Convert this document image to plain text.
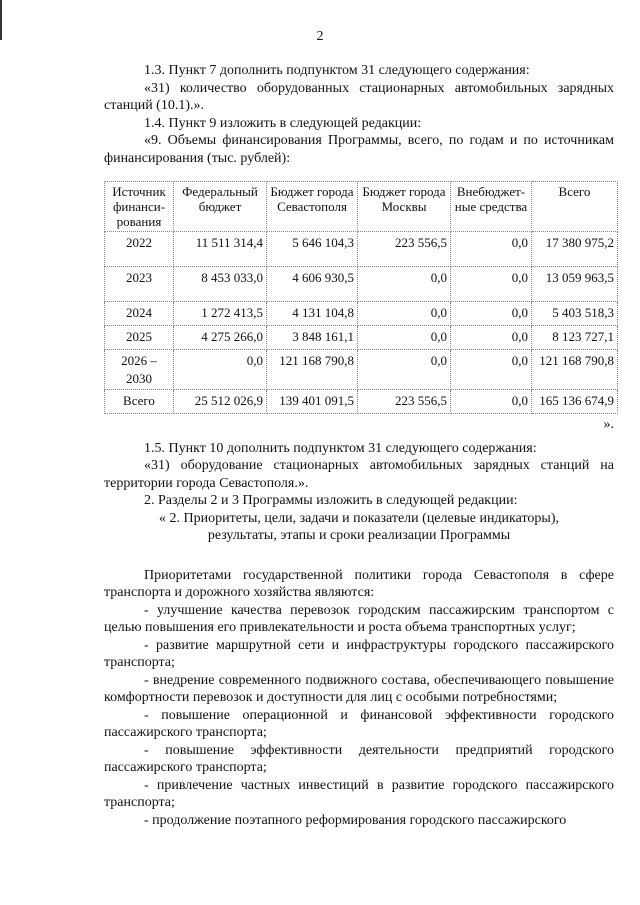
2

1.3. Пункт 7 дополнить подпунктом 31 следующего содержания:

«31) количество оборудованных стационарных автомобильных зарядных станций (10.1).».

1.4. Пункт 9 изложить в следующей редакции:

«9. Объемы финансирования Программы, всего, по годам и по источникам финансирования (тыс. рублей):

Источник финанси-рования	Федеральный бюджет	Бюджет города Севастополя	Бюджет города Москвы	Внебюджет-ные средства	Всего
2022	11 511 314,4	5 646 104,3	223 556,5	0,0	17 380 975,2
2023	8 453 033,0	4 606 930,5	0,0	0,0	13 059 963,5
2024	1 272 413,5	4 131 104,8	0,0	0,0	5 403 518,3
2025	4 275 266,0	3 848 161,1	0,0	0,0	8 123 727,1
2026 – 2030	0,0	121 168 790,8	0,0	0,0	121 168 790,8
Всего	25 512 026,9	139 401 091,5	223 556,5	0,0	165 136 674,9
».

1.5. Пункт 10 дополнить подпунктом 31 следующего содержания:

«31) оборудование стационарных автомобильных зарядных станций на территории города Севастополя.».

2. Разделы 2 и 3 Программы изложить в следующей редакции:

« 2. Приоритеты, цели, задачи и показатели (целевые индикаторы),

результаты, этапы и сроки реализации Программы

Приоритетами государственной политики города Севастополя в сфере транспорта и дорожного хозяйства являются:

- улучшение качества перевозок городским пассажирским транспортом с целью повышения его привлекательности и роста объема транспортных услуг;

- развитие маршрутной сети и инфраструктуры городского пассажирского транспорта;

- внедрение современного подвижного состава, обеспечивающего повышение комфортности перевозок и доступности для лиц с особыми потребностями;

- повышение операционной и финансовой эффективности городского пассажирского транспорта;

- повышение эффективности деятельности предприятий городского пассажирского транспорта;

- привлечение частных инвестиций в развитие городского пассажирского транспорта;

- продолжение поэтапного реформирования городского пассажирского
